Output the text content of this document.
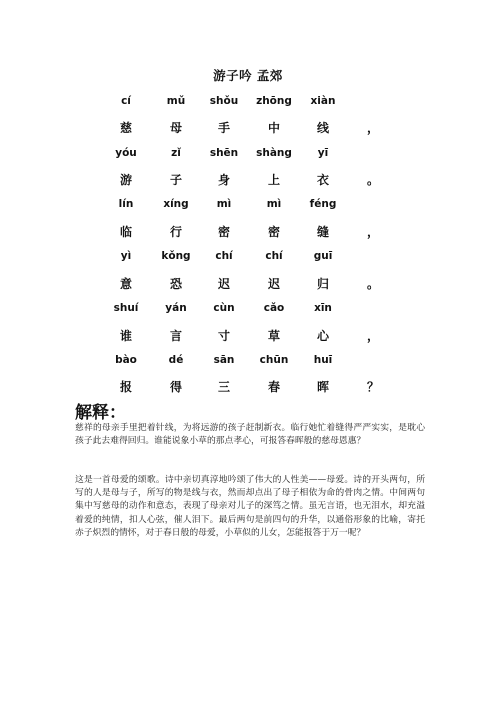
游子吟 孟郊
cí	mǔ	shǒu	zhōng	xiàn
慈	母	手	中	线	，
yóu	zǐ	shēn	shàng	yī
游	子	身	上	衣	。
lín	xíng	mì	mì	féng
临	行	密	密	缝	，
yì	kǒng	chí	chí	guī
意	恐	迟	迟	归	。
shuí	yán	cùn	cǎo	xīn
谁	言	寸	草	心	，
bào	dé	sān	chūn	huī
报	得	三	春	晖	？
解释：

慈祥的母亲手里把着针线，为将远游的孩子赶制新衣。临行她忙着缝得严严实实，是耽心孩子此去难得回归。谁能说象小草的那点孝心，可报答春晖般的慈母恩惠？

这是一首母爱的颂歌。诗中亲切真淳地吟颂了伟大的人性美——母爱。诗的开头两句，所写的人是母与子，所写的物是线与衣，然而却点出了母子相依为命的骨肉之情。中间两句集中写慈母的动作和意态，表现了母亲对儿子的深笃之情。虽无言语，也无泪水，却充溢着爱的纯情，扣人心弦，催人泪下。最后两句是前四句的升华，以通俗形象的比喻，寄托赤子炽烈的情怀，对于春日般的母爱，小草似的儿女，怎能报答于万一呢？
